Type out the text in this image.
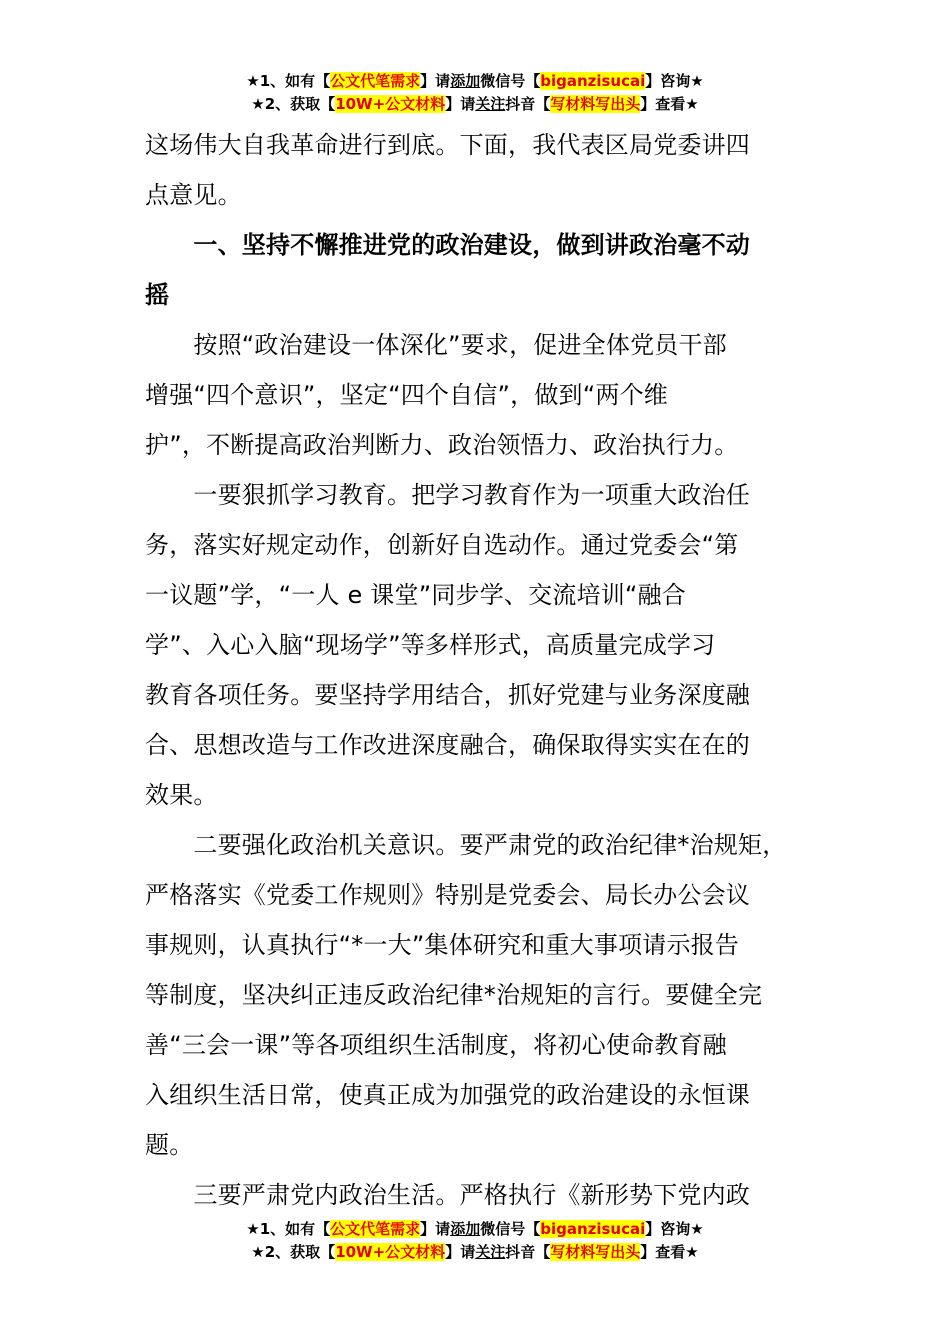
★1、如有【公文代笔需求】请添加微信号【biganzisucai】咨询★
★2、获取【10W+公文材料】请关注抖音【写材料写出头】查看★
这场伟大自我革命进行到底。下面，我代表区局党委讲四
点意见。
　　一、坚持不懈推进党的政治建设，做到讲政治毫不动
摇
　　按照“政治建设一体深化”要求，促进全体党员干部
增强“四个意识”，坚定“四个自信”，做到“两个维
护”，不断提高政治判断力、政治领悟力、政治执行力。
　　一要狠抓学习教育。把学习教育作为一项重大政治任
务，落实好规定动作，创新好自选动作。通过党委会“第
一议题”学，“一人 e 课堂”同步学、交流培训“融合
学”、入心入脑“现场学”等多样形式，高质量完成学习
教育各项任务。要坚持学用结合，抓好党建与业务深度融
合、思想改造与工作改进深度融合，确保取得实实在在的
效果。
　　二要强化政治机关意识。要严肃党的政治纪律*治规矩，
严格落实《党委工作规则》特别是党委会、局长办公会议
事规则，认真执行“*一大”集体研究和重大事项请示报告
等制度，坚决纠正违反政治纪律*治规矩的言行。要健全完
善“三会一课”等各项组织生活制度，将初心使命教育融
入组织生活日常，使真正成为加强党的政治建设的永恒课
题。
　　三要严肃党内政治生活。严格执行《新形势下党内政
★1、如有【公文代笔需求】请添加微信号【biganzisucai】咨询★
★2、获取【10W+公文材料】请关注抖音【写材料写出头】查看★
